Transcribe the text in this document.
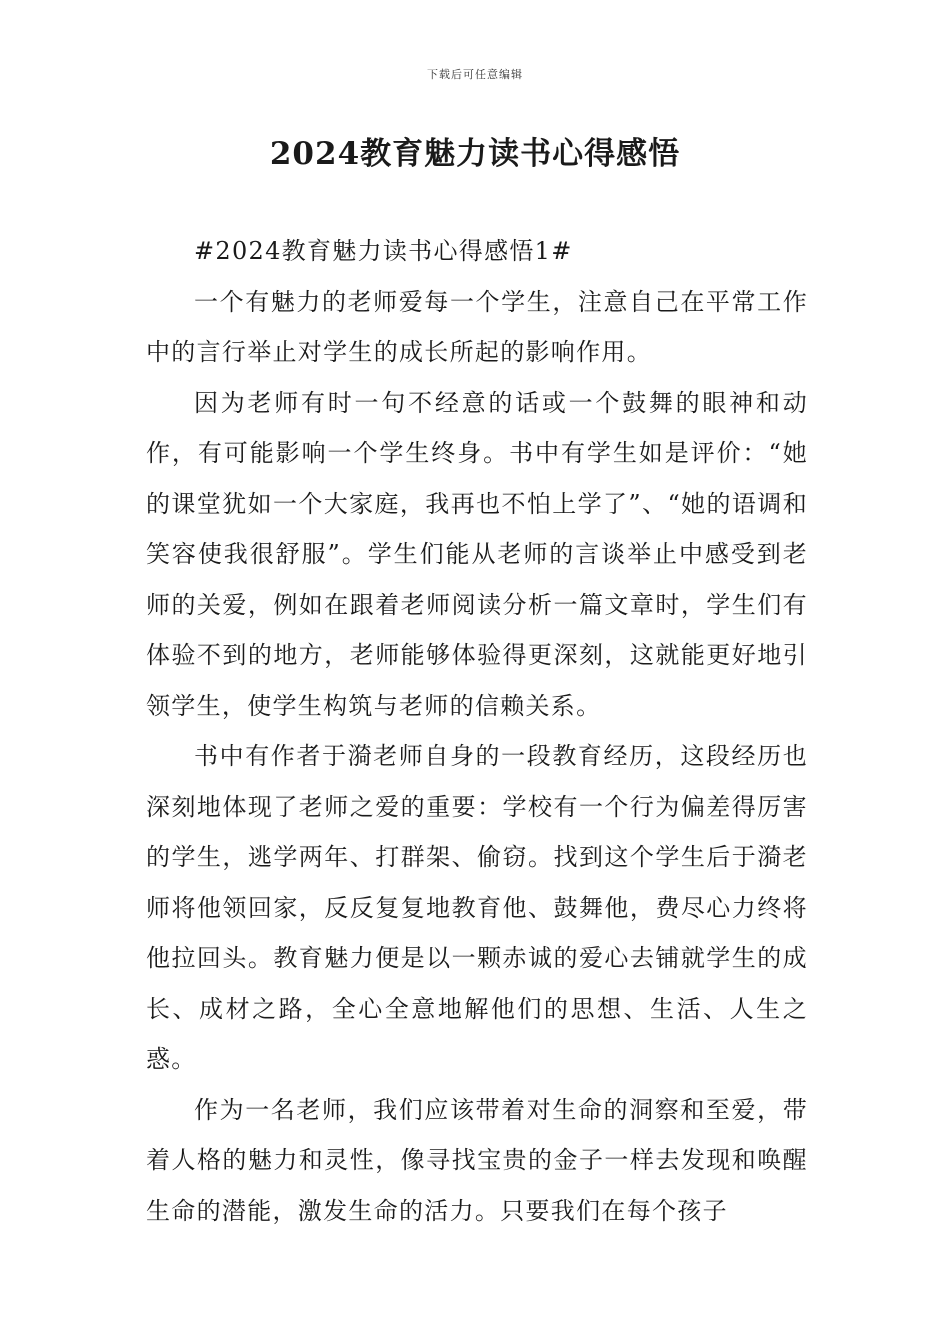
下载后可任意编辑
2024教育魅力读书心得感悟

#2024教育魅力读书心得感悟1#

一个有魅力的老师爱每一个学生，注意自己在平常工作中的言行举止对学生的成长所起的影响作用。

因为老师有时一句不经意的话或一个鼓舞的眼神和动作，有可能影响一个学生终身。书中有学生如是评价：“她的课堂犹如一个大家庭，我再也不怕上学了”、“她的语调和笑容使我很舒服”。学生们能从老师的言谈举止中感受到老师的关爱，例如在跟着老师阅读分析一篇文章时，学生们有体验不到的地方，老师能够体验得更深刻，这就能更好地引领学生，使学生构筑与老师的信赖关系。

书中有作者于漪老师自身的一段教育经历，这段经历也深刻地体现了老师之爱的重要：学校有一个行为偏差得厉害的学生，逃学两年、打群架、偷窃。找到这个学生后于漪老师将他领回家，反反复复地教育他、鼓舞他，费尽心力终将他拉回头。教育魅力便是以一颗赤诚的爱心去铺就学生的成长、成材之路，全心全意地解他们的思想、生活、人生之惑。

作为一名老师，我们应该带着对生命的洞察和至爱，带着人格的魅力和灵性，像寻找宝贵的金子一样去发现和唤醒生命的潜能，激发生命的活力。只要我们在每个孩子
